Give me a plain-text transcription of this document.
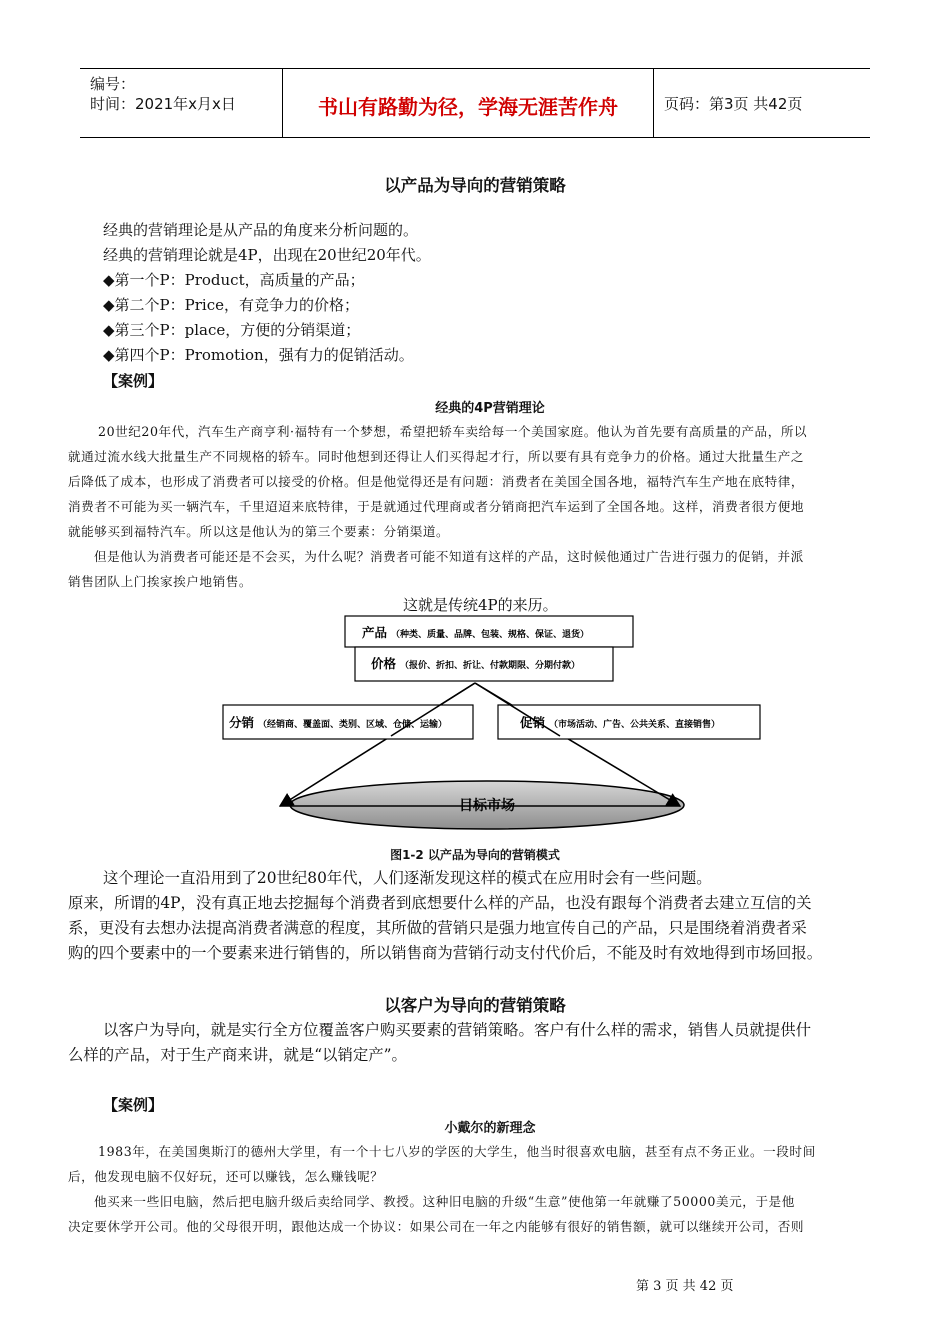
编号：
时间：2021年x月x日	书山有路勤为径，学海无涯苦作舟	页码：第3页 共42页
以产品为导向的营销策略
经典的营销理论是从产品的角度来分析问题的。
经典的营销理论就是4P，出现在20世纪20年代。
◆第一个P：Product，高质量的产品；
◆第二个P：Price，有竞争力的价格；
◆第三个P：place，方便的分销渠道；
◆第四个P：Promotion，强有力的促销活动。
【案例】
经典的4P营销理论
20世纪20年代，汽车生产商亨利·福特有一个梦想，希望把轿车卖给每一个美国家庭。他认为首先要有高质量的产品，所以
就通过流水线大批量生产不同规格的轿车。同时他想到还得让人们买得起才行，所以要有具有竞争力的价格。通过大批量生产之
后降低了成本，也形成了消费者可以接受的价格。但是他觉得还是有问题：消费者在美国全国各地，福特汽车生产地在底特律，
消费者不可能为买一辆汽车，千里迢迢来底特律，于是就通过代理商或者分销商把汽车运到了全国各地。这样，消费者很方便地
就能够买到福特汽车。所以这是他认为的第三个要素：分销渠道。
但是他认为消费者可能还是不会买，为什么呢？消费者可能不知道有这样的产品，这时候他通过广告进行强力的促销，并派
销售团队上门挨家挨户地销售。
这就是传统4P的来历。
目标市场
产品 （种类、质量、品牌、包装、规格、保证、退货）
价格 （报价、折扣、折让、付款期限、分期付款）
分销 （经销商、覆盖面、类别、区域、仓储、运输）	促销 （市场活动、广告、公共关系、直接销售）
图1-2 以产品为导向的营销模式
这个理论一直沿用到了20世纪80年代，人们逐渐发现这样的模式在应用时会有一些问题。
原来，所谓的4P，没有真正地去挖掘每个消费者到底想要什么样的产品，也没有跟每个消费者去建立互信的关
系，更没有去想办法提高消费者满意的程度，其所做的营销只是强力地宣传自己的产品，只是围绕着消费者采
购的四个要素中的一个要素来进行销售的，所以销售商为营销行动支付代价后，不能及时有效地得到市场回报。
以客户为导向的营销策略
以客户为导向，就是实行全方位覆盖客户购买要素的营销策略。客户有什么样的需求，销售人员就提供什
么样的产品，对于生产商来讲，就是“以销定产”。
【案例】
小戴尔的新理念
1983年，在美国奥斯汀的德州大学里，有一个十七八岁的学医的大学生，他当时很喜欢电脑，甚至有点不务正业。一段时间
后，他发现电脑不仅好玩，还可以赚钱，怎么赚钱呢？
他买来一些旧电脑，然后把电脑升级后卖给同学、教授。这种旧电脑的升级“生意”使他第一年就赚了50000美元，于是他
决定要休学开公司。他的父母很开明，跟他达成一个协议：如果公司在一年之内能够有很好的销售额，就可以继续开公司，否则
第 3 页 共 42 页
